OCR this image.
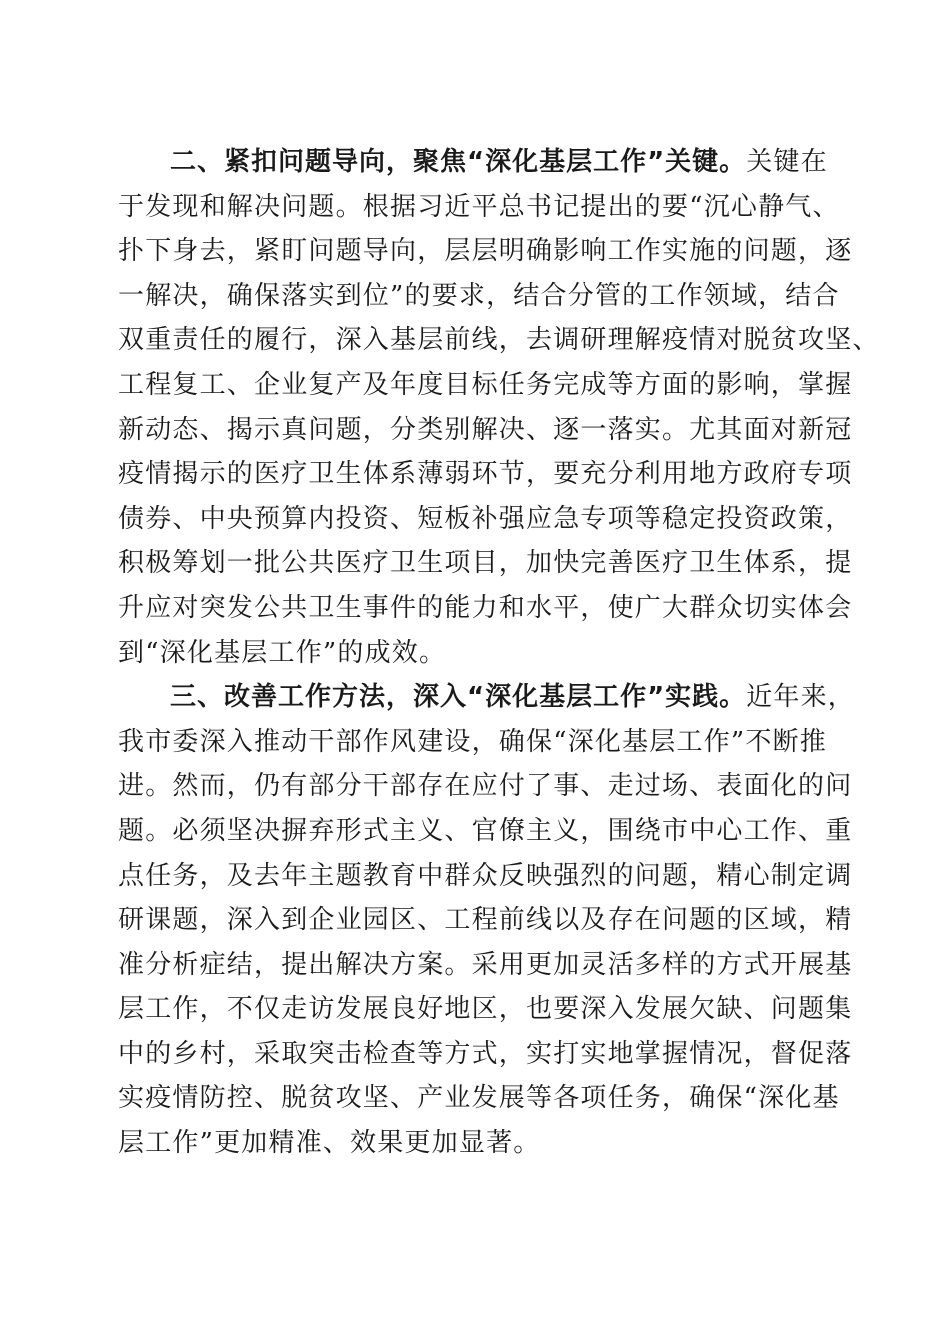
二、紧扣问题导向，聚焦“深化基层工作”关键。关键在
于发现和解决问题。根据习近平总书记提出的要“沉心静气、
扑下身去，紧盯问题导向，层层明确影响工作实施的问题，逐
一解决，确保落实到位”的要求，结合分管的工作领域，结合
双重责任的履行，深入基层前线，去调研理解疫情对脱贫攻坚、
工程复工、企业复产及年度目标任务完成等方面的影响，掌握
新动态、揭示真问题，分类别解决、逐一落实。尤其面对新冠
疫情揭示的医疗卫生体系薄弱环节，要充分利用地方政府专项
债券、中央预算内投资、短板补强应急专项等稳定投资政策，
积极筹划一批公共医疗卫生项目，加快完善医疗卫生体系，提
升应对突发公共卫生事件的能力和水平，使广大群众切实体会
到“深化基层工作”的成效。
三、改善工作方法，深入“深化基层工作”实践。近年来，
我市委深入推动干部作风建设，确保“深化基层工作”不断推
进。然而，仍有部分干部存在应付了事、走过场、表面化的问
题。必须坚决摒弃形式主义、官僚主义，围绕市中心工作、重
点任务，及去年主题教育中群众反映强烈的问题，精心制定调
研课题，深入到企业园区、工程前线以及存在问题的区域，精
准分析症结，提出解决方案。采用更加灵活多样的方式开展基
层工作，不仅走访发展良好地区，也要深入发展欠缺、问题集
中的乡村，采取突击检查等方式，实打实地掌握情况，督促落
实疫情防控、脱贫攻坚、产业发展等各项任务，确保“深化基
层工作”更加精准、效果更加显著。
